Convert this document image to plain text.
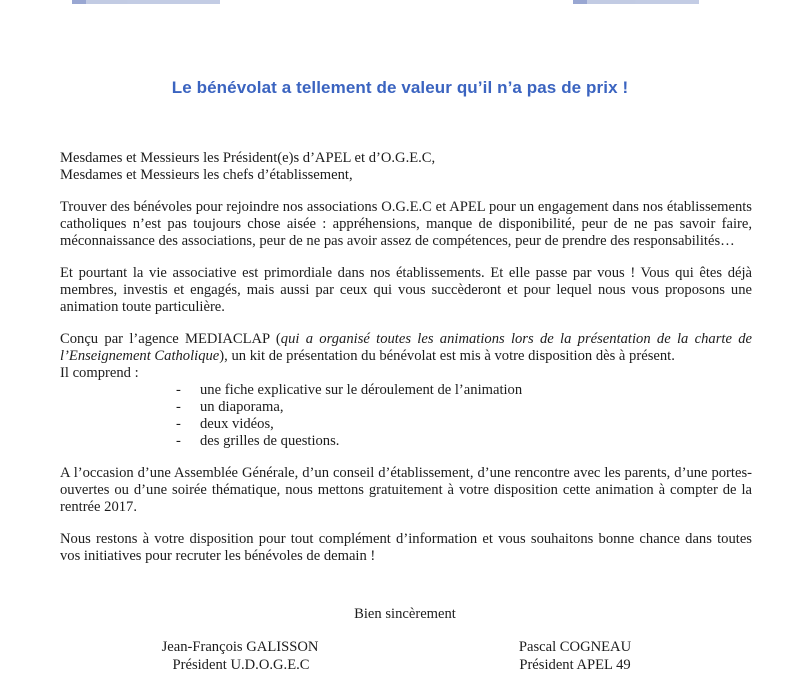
Le bénévolat a tellement de valeur qu’il n’a pas de prix !

Mesdames et Messieurs les Président(e)s d’APEL et d’O.G.E.C,
Mesdames et Messieurs les chefs d’établissement,

Trouver des bénévoles pour rejoindre nos associations O.G.E.C et APEL pour un engagement dans nos établissements catholiques n’est pas toujours chose aisée : appréhensions, manque de disponibilité, peur de ne pas savoir faire, méconnaissance des associations, peur de ne pas avoir assez de compétences, peur de prendre des responsabilités…

Et pourtant la vie associative est primordiale dans nos établissements. Et elle passe par vous ! Vous qui êtes déjà membres, investis et engagés, mais aussi par ceux qui vous succèderont et pour lequel nous vous proposons une animation toute particulière.

Conçu par l’agence MEDIACLAP (qui a organisé toutes les animations lors de la présentation de la charte de l’Enseignement Catholique), un kit de présentation du bénévolat est mis à votre disposition dès à présent.
Il comprend :

-	une fiche explicative sur le déroulement de l’animation
-	un diaporama,
-	deux vidéos,
-	des grilles de questions.

A l’occasion d’une Assemblée Générale, d’un conseil d’établissement, d’une rencontre avec les parents, d’une portes-ouvertes ou d’une soirée thématique, nous mettons gratuitement à votre disposition cette animation à compter de la rentrée 2017.

Nous restons à votre disposition pour tout complément d’information et vous souhaitons bonne chance dans toutes vos initiatives pour recruter les bénévoles de demain !

Bien sincèrement
Jean-François GALISSON
Président U.D.O.G.E.C
Pascal COGNEAU
Président APEL 49
